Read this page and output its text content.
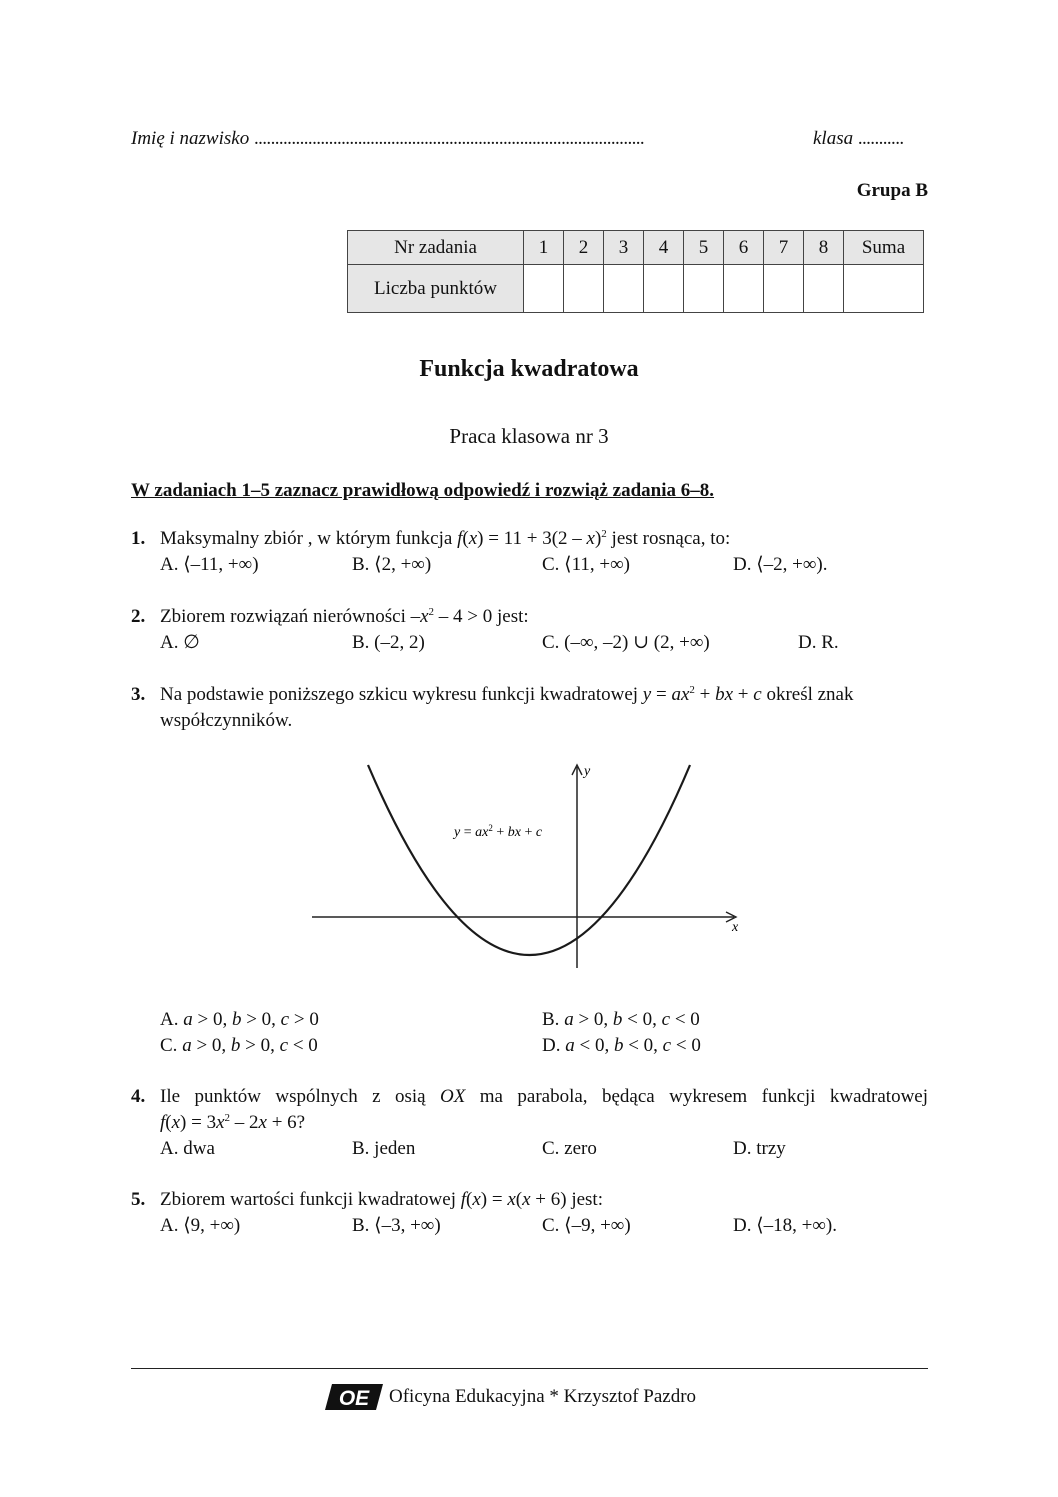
Imię i nazwisko ..............................................................................................	klasa ...........
Grupa B
Nr zadania	1	2	3	4	5	6	7	8	Suma
Liczba punktów									
Funkcja kwadratowa
Praca klasowa nr 3
W zadaniach 1–5 zaznacz prawidłową odpowiedź i rozwiąż zadania 6–8.
1. Maksymalny zbiór , w którym funkcja f(x) = 11 + 3(2 – x)$^2$ jest rosnąca, to:
A. ⟨–11, +∞)	B. ⟨2, +∞)	C. ⟨11, +∞)	D. ⟨–2, +∞).
2. Zbiorem rozwiązań nierówności $-x^2 - 4 > 0$ jest:
A. ∅	B. (–2, 2)	C. (–∞, –2) ∪ (2, +∞)	D. R.
3. Na podstawie poniższego szkicu wykresu funkcji kwadratowej $y = ax^2$ + bx + c określ znak
współczynników.
x
y
$y = ax^2$ + bx + c
A. a > 0, b > 0, c > 0	B. a > 0, b < 0, c < 0
C. a > 0, b > 0, c < 0	D. a < 0, b < 0, c < 0
4. Ile punktów wspólnych z osią OX ma parabola, będąca wykresem funkcji kwadratowej
$f(x) = 3x^2 - 2x + 6$?
A. dwa	B. jeden	C. zero	D. trzy
5. Zbiorem wartości funkcji kwadratowej f(x) = x(x + 6) jest:
A. ⟨9, +∞)	B. ⟨–3, +∞)	C. ⟨–9, +∞)	D. ⟨–18, +∞).
OE Oficyna Edukacyjna * Krzysztof Pazdro
